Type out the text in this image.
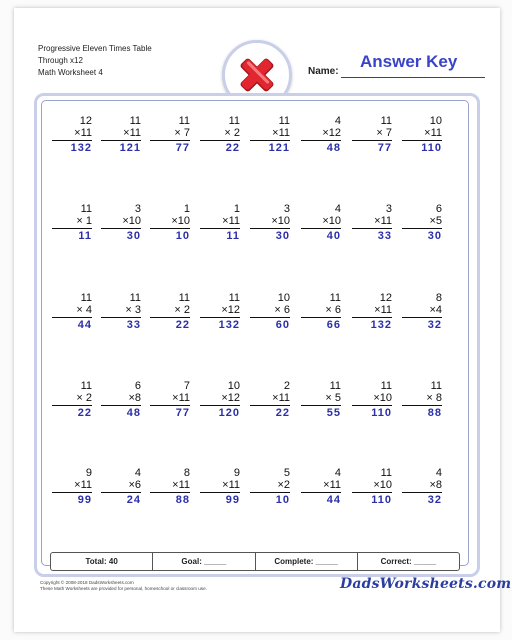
Progressive Eleven Times Table
Through x12
Math Worksheet 4	Name:
Answer Key
12
×11
132
11
×11
121
11
× 7
77
11
× 2
22
11
×11
121
4
×12
48
11
× 7
77
10
×11
110
11
× 1
11
3
×10
30
1
×10
10
1
×11
11
3
×10
30
4
×10
40
3
×11
33
6
×5
30
11
× 4
44
11
× 3
33
11
× 2
22
11
×12
132
10
× 6
60
11
× 6
66
12
×11
132
8
×4
32
11
× 2
22
6
×8
48
7
×11
77
10
×12
120
2
×11
22
11
× 5
55
11
×10
110
11
× 8
88
9
×11
99
4
×6
24
8
×11
88
9
×11
99
5
×2
10
4
×11
44
11
×10
110
4
×8
32
Total: 40	Goal: _____	Complete: _____	Correct: _____
Copyright © 2008-2018 DadsWorksheets.com
These Math Worksheets are provided for personal, homeschool or classroom use.	DadsWorksheets.com
